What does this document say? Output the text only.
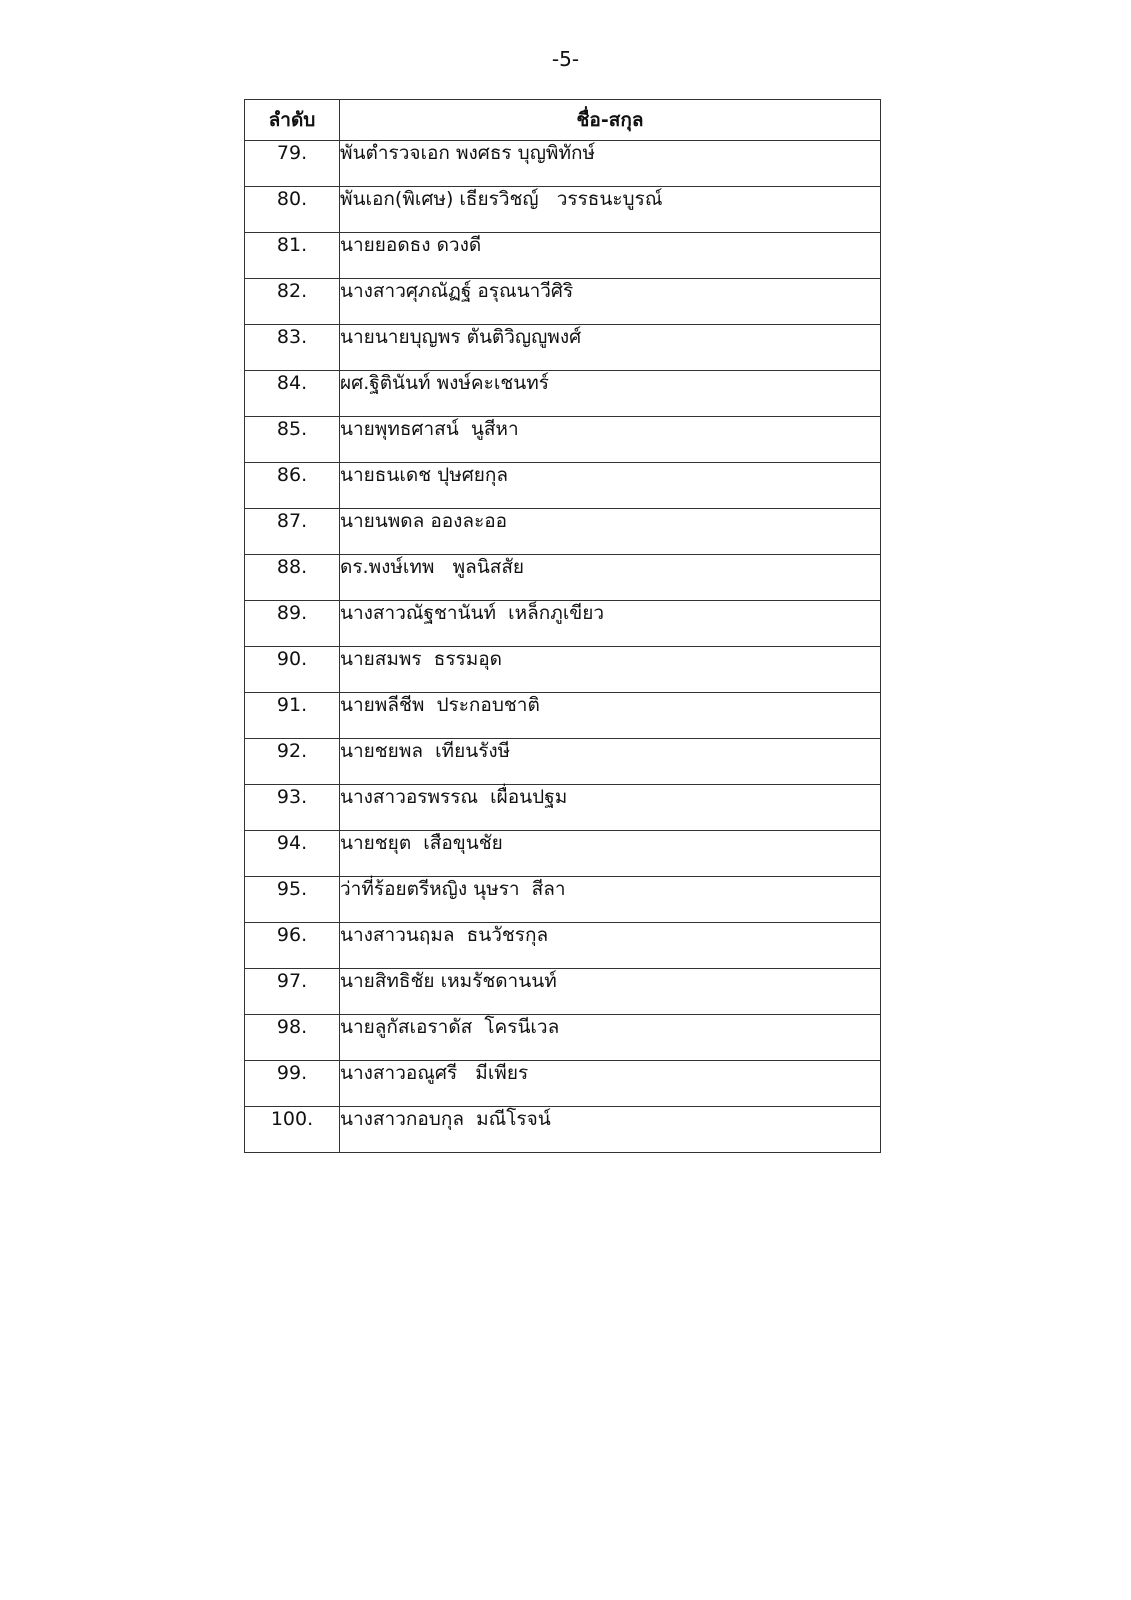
-5-
ลำดับ	ชื่อ-สกุล
79.	พันตำรวจเอก พงศธร บุญพิทักษ์
80.	พันเอก(พิเศษ) เธียรวิชญ์   วรรธนะบูรณ์
81.	นายยอดธง ดวงดี
82.	นางสาวศุภณัฏฐ์ อรุณนาวีศิริ
83.	นายนายบุญพร ตันติวิญญูพงศ์
84.	ผศ.ฐิตินันท์ พงษ์คะเชนทร์
85.	นายพุทธศาสน์  นูสีหา
86.	นายธนเดช ปุษศยกุล
87.	นายนพดล อองละออ
88.	ดร.พงษ์เทพ   พูลนิสสัย
89.	นางสาวณัฐชานันท์  เหล็กภูเขียว
90.	นายสมพร  ธรรมอุด
91.	นายพลีชีพ  ประกอบชาติ
92.	นายชยพล  เทียนรังษี
93.	นางสาวอรพรรณ  เผื่อนปฐม
94.	นายชยุต  เสือขุนชัย
95.	ว่าที่ร้อยตรีหญิง นุษรา  สีลา
96.	นางสาวนฤมล  ธนวัชรกุล
97.	นายสิทธิชัย เหมรัชดานนท์
98.	นายลูกัสเอราดัส  โครนีเวล
99.	นางสาวอณูศรี   มีเพียร
100.	นางสาวกอบกุล  มณีโรจน์
